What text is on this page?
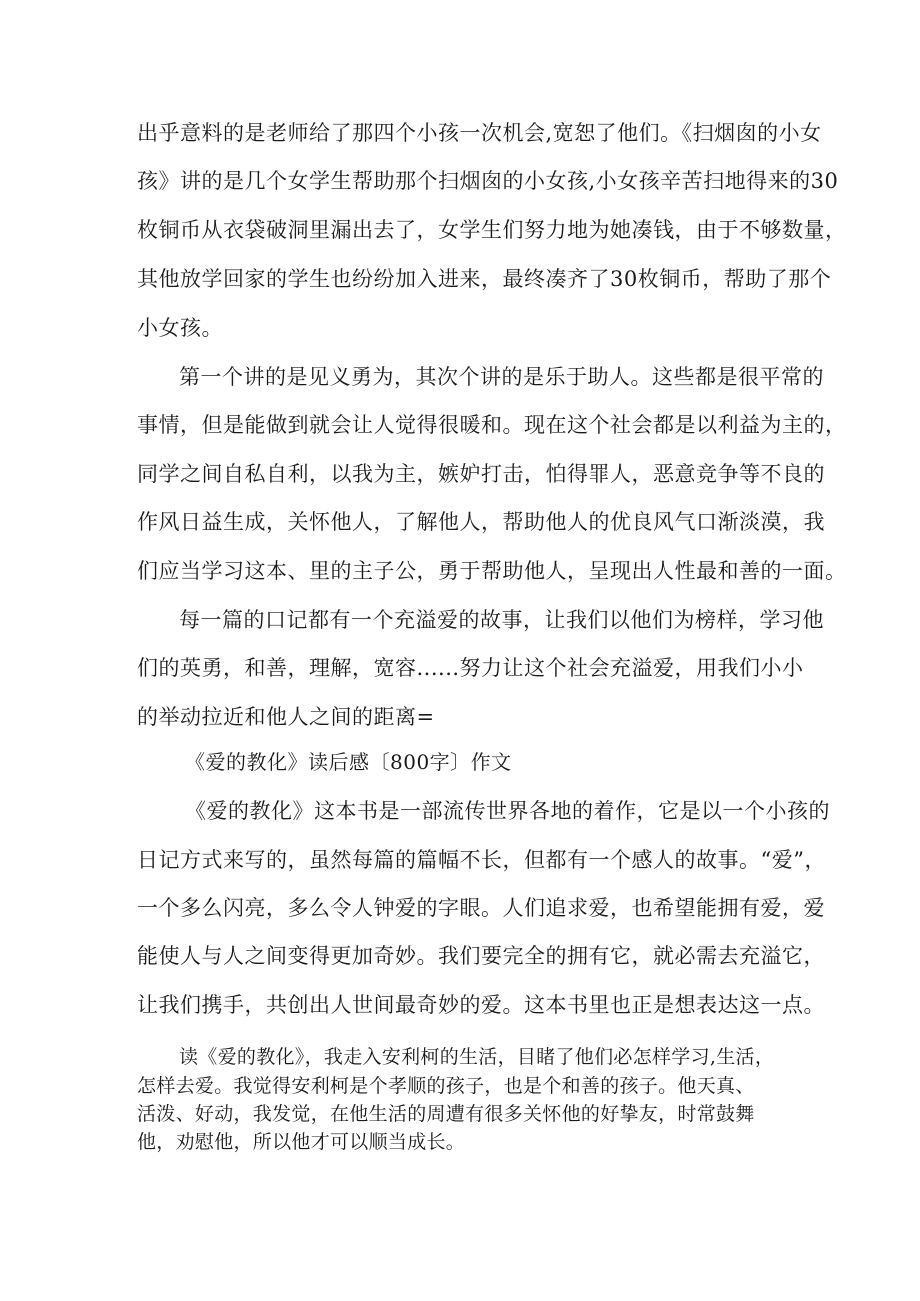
出乎意料的是老师给了那四个小孩一次机会,宽恕了他们。《扫烟囱的小女
孩》讲的是几个女学生帮助那个扫烟囱的小女孩,小女孩辛苦扫地得来的30
枚铜币从衣袋破洞里漏出去了，女学生们努力地为她凑钱，由于不够数量，
其他放学回家的学生也纷纷加入进来，最终凑齐了30枚铜币，帮助了那个
小女孩。
第一个讲的是见义勇为，其次个讲的是乐于助人。这些都是很平常的
事情，但是能做到就会让人觉得很暖和。现在这个社会都是以利益为主的，
同学之间自私自利，以我为主，嫉妒打击，怕得罪人，恶意竞争等不良的
作风日益生成，关怀他人，了解他人，帮助他人的优良风气口渐淡漠，我
们应当学习这本、里的主子公，勇于帮助他人，呈现出人性最和善的一面。
每一篇的口记都有一个充溢爱的故事，让我们以他们为榜样，学习他
们的英勇，和善，理解，宽容......努力让这个社会充溢爱，用我们小小
的举动拉近和他人之间的距离=
《爱的教化》读后感〔800字〕作文
《爱的教化》这本书是一部流传世界各地的着作，它是以一个小孩的
日记方式来写的，虽然每篇的篇幅不长，但都有一个感人的故事。“爱”，
一个多么闪亮，多么令人钟爱的字眼。人们追求爱，也希望能拥有爱，爱
能使人与人之间变得更加奇妙。我们要完全的拥有它，就必需去充溢它，
让我们携手，共创出人世间最奇妙的爱。这本书里也正是想表达这一点。
读《爱的教化》，我走入安利柯的生活，目睹了他们必怎样学习,生活，
怎样去爱。我觉得安利柯是个孝顺的孩子，也是个和善的孩子。他天真、
活泼、好动，我发觉，在他生活的周遭有很多关怀他的好挚友，时常鼓舞
他，劝慰他，所以他才可以顺当成长。
